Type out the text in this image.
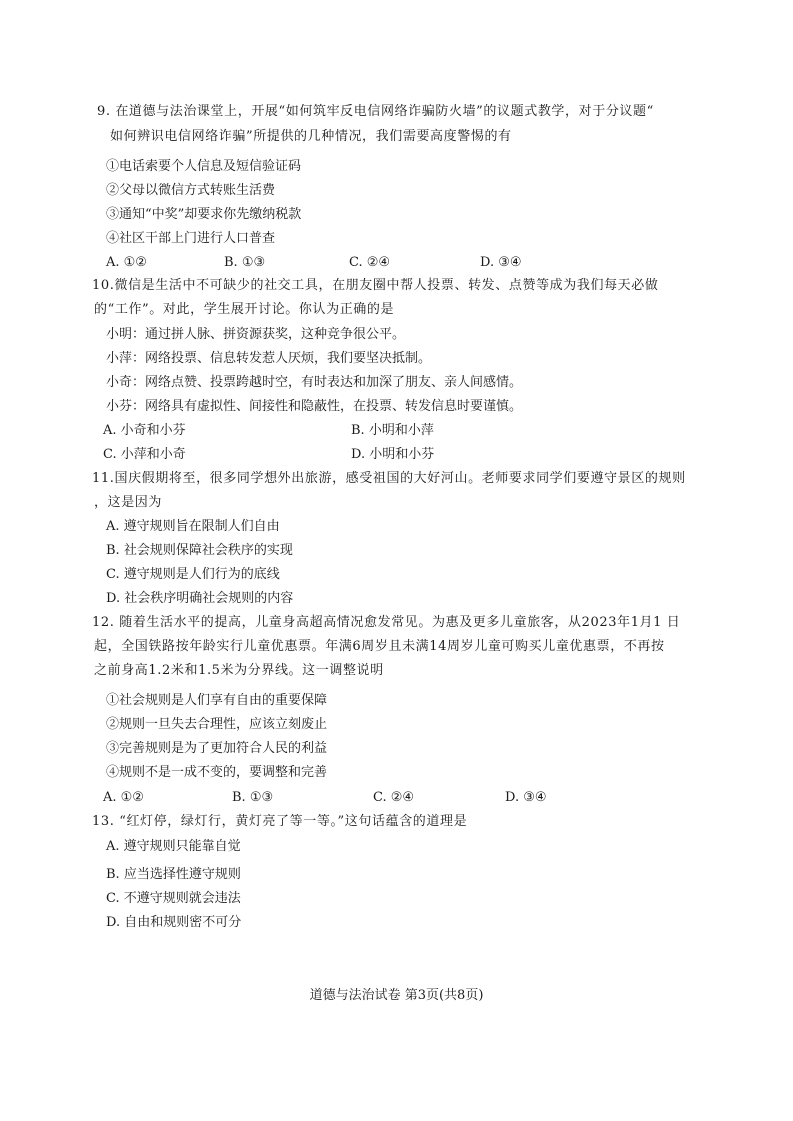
9. 在道德与法治课堂上，开展“如何筑牢反电信网络诈骗防火墙”的议题式教学，对于分议题“
如何辨识电信网络诈骗”所提供的几种情况，我们需要高度警惕的有
①电话索要个人信息及短信验证码
②父母以微信方式转账生活费
③通知“中奖”却要求你先缴纳税款
④社区干部上门进行人口普查
A. ①②	B. ①③	C. ②④	D. ③④
10.微信是生活中不可缺少的社交工具，在朋友圈中帮人投票、转发、点赞等成为我们每天必做
的“工作”。对此，学生展开讨论。你认为正确的是
小明：通过拼人脉、拼资源获奖，这种竞争很公平。
小萍：网络投票、信息转发惹人厌烦，我们要坚决抵制。
小奇：网络点赞、投票跨越时空，有时表达和加深了朋友、亲人间感情。
小芬：网络具有虚拟性、间接性和隐蔽性，在投票、转发信息时要谨慎。
A. 小奇和小芬	B. 小明和小萍
C. 小萍和小奇	D. 小明和小芬
11.国庆假期将至，很多同学想外出旅游，感受祖国的大好河山。老师要求同学们要遵守景区的规则
，这是因为
A. 遵守规则旨在限制人们自由
B. 社会规则保障社会秩序的实现
C. 遵守规则是人们行为的底线
D. 社会秩序明确社会规则的内容
12. 随着生活水平的提高，儿童身高超高情况愈发常见。为惠及更多儿童旅客，从2023年1月1 日
起，全国铁路按年龄实行儿童优惠票。年满6周岁且未满14周岁儿童可购买儿童优惠票，不再按
之前身高1.2米和1.5米为分界线。这一调整说明
①社会规则是人们享有自由的重要保障
②规则一旦失去合理性，应该立刻废止
③完善规则是为了更加符合人民的利益
④规则不是一成不变的，要调整和完善
A. ①②	B. ①③	C. ②④	D. ③④
13. “红灯停，绿灯行，黄灯亮了等一等。”这句话蕴含的道理是
A. 遵守规则只能靠自觉
B. 应当选择性遵守规则
C. 不遵守规则就会违法
D. 自由和规则密不可分
道德与法治试卷 第3页(共8页)
